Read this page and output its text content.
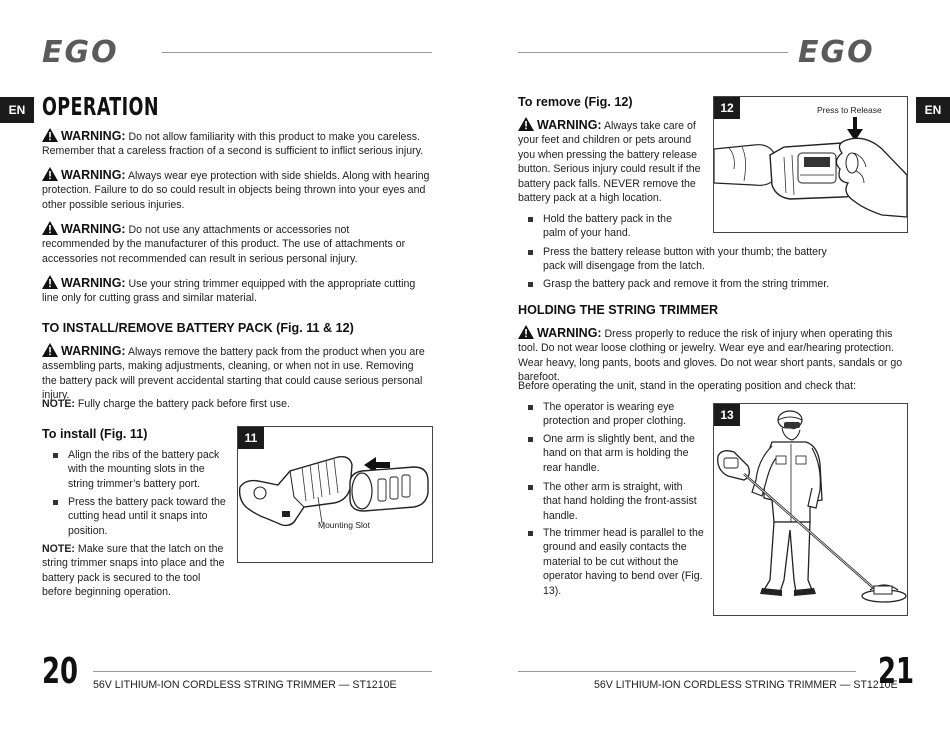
EGO	EGO
EN	EN
OPERATION
WARNING: Do not allow familiarity with this product to make you careless. Remember that a careless fraction of a second is sufficient to inflict serious injury.
WARNING: Always wear eye protection with side shields. Along with hearing protection. Failure to do so could result in objects being thrown into your eyes and other possible serious injuries.
WARNING: Do not use any attachments or accessories not recommended by the manufacturer of this product. The use of attachments or accessories not recommended can result in serious personal injury.
WARNING: Use your string trimmer equipped with the appropriate cutting line only for cutting grass and similar material.
TO INSTALL/REMOVE BATTERY PACK (Fig. 11 & 12)
WARNING: Always remove the battery pack from the product when you are assembling parts, making adjustments, cleaning, or when not in use. Removing the battery pack will prevent accidental starting that could cause serious personal injury.
NOTE: Fully charge the battery pack before first use.
To install (Fig. 11)
Align the ribs of the battery pack with the mounting slots in the string trimmer’s battery port.
Press the battery pack toward the cutting head until it snaps into position.
NOTE: Make sure that the latch on the string trimmer snaps into place and the battery pack is secured to the tool before beginning operation.
11
Mounting Slot
20 56V LITHIUM-ION CORDLESS STRING TRIMMER — ST1210E
To remove (Fig. 12)
WARNING: Always take care of your feet and children or pets around you when pressing the battery release button. Serious injury could result if the battery pack falls. NEVER remove the battery pack at a high location.
Hold the battery pack in the palm of your hand.
Press the battery release button with your thumb; the battery pack will disengage from the latch.
Grasp the battery pack and remove it from the string trimmer.
12	Press to Release
HOLDING THE STRING TRIMMER
WARNING: Dress properly to reduce the risk of injury when operating this tool. Do not wear loose clothing or jewelry. Wear eye and ear/hearing protection. Wear heavy, long pants, boots and gloves. Do not wear short pants, sandals or go barefoot.
Before operating the unit, stand in the operating position and check that:
The operator is wearing eye protection and proper clothing.
One arm is slightly bent, and the hand on that arm is holding the rear handle.
The other arm is straight, with that hand holding the front-assist handle.
The trimmer head is parallel to the ground and easily contacts the material to be cut without the operator having to bend over (Fig. 13).
13
56V LITHIUM-ION CORDLESS STRING TRIMMER — ST1210E
21
